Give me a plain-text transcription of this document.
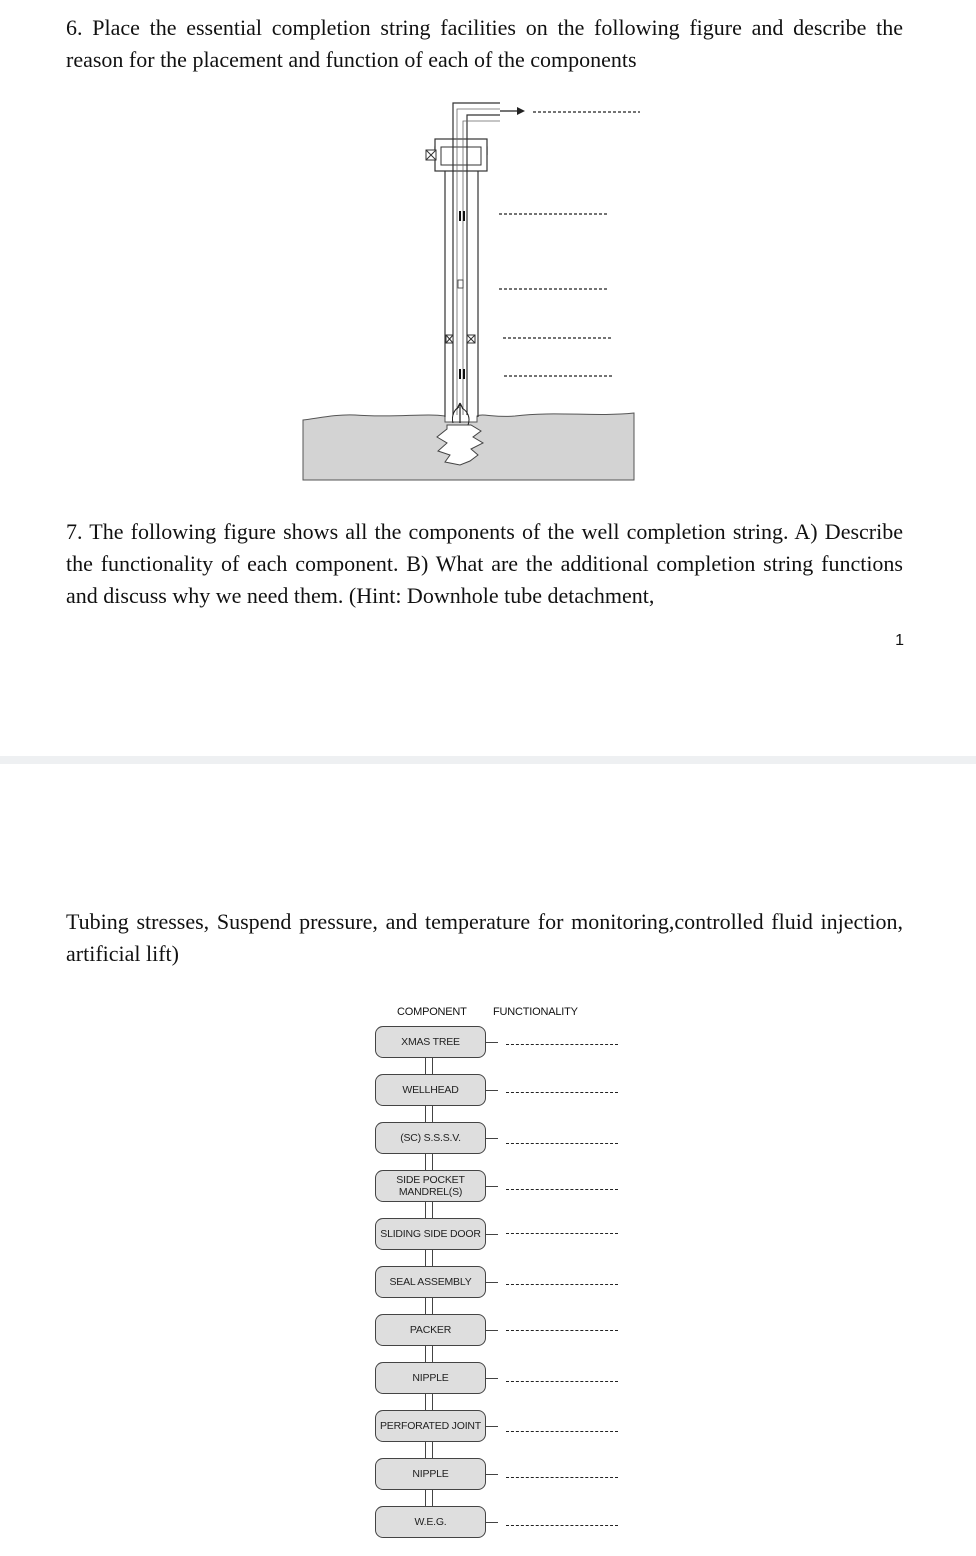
6. Place the essential completion string facilities on the following figure and describe the reason for the placement and function of each of the components

7. The following figure shows all the components of the well completion string. A) Describe the functionality of each component. B) What are the additional completion string functions and discuss why we need them. (Hint: Downhole tube detachment,

1

Tubing stresses, Suspend pressure, and temperature for monitoring,controlled fluid injection, artificial lift)

COMPONENT FUNCTIONALITY
XMAS TREE
WELLHEAD
(SC) S.S.S.V.
SIDE POCKET MANDREL(S)
SLIDING SIDE DOOR
SEAL ASSEMBLY
PACKER
NIPPLE
PERFORATED JOINT
NIPPLE
W.E.G.
